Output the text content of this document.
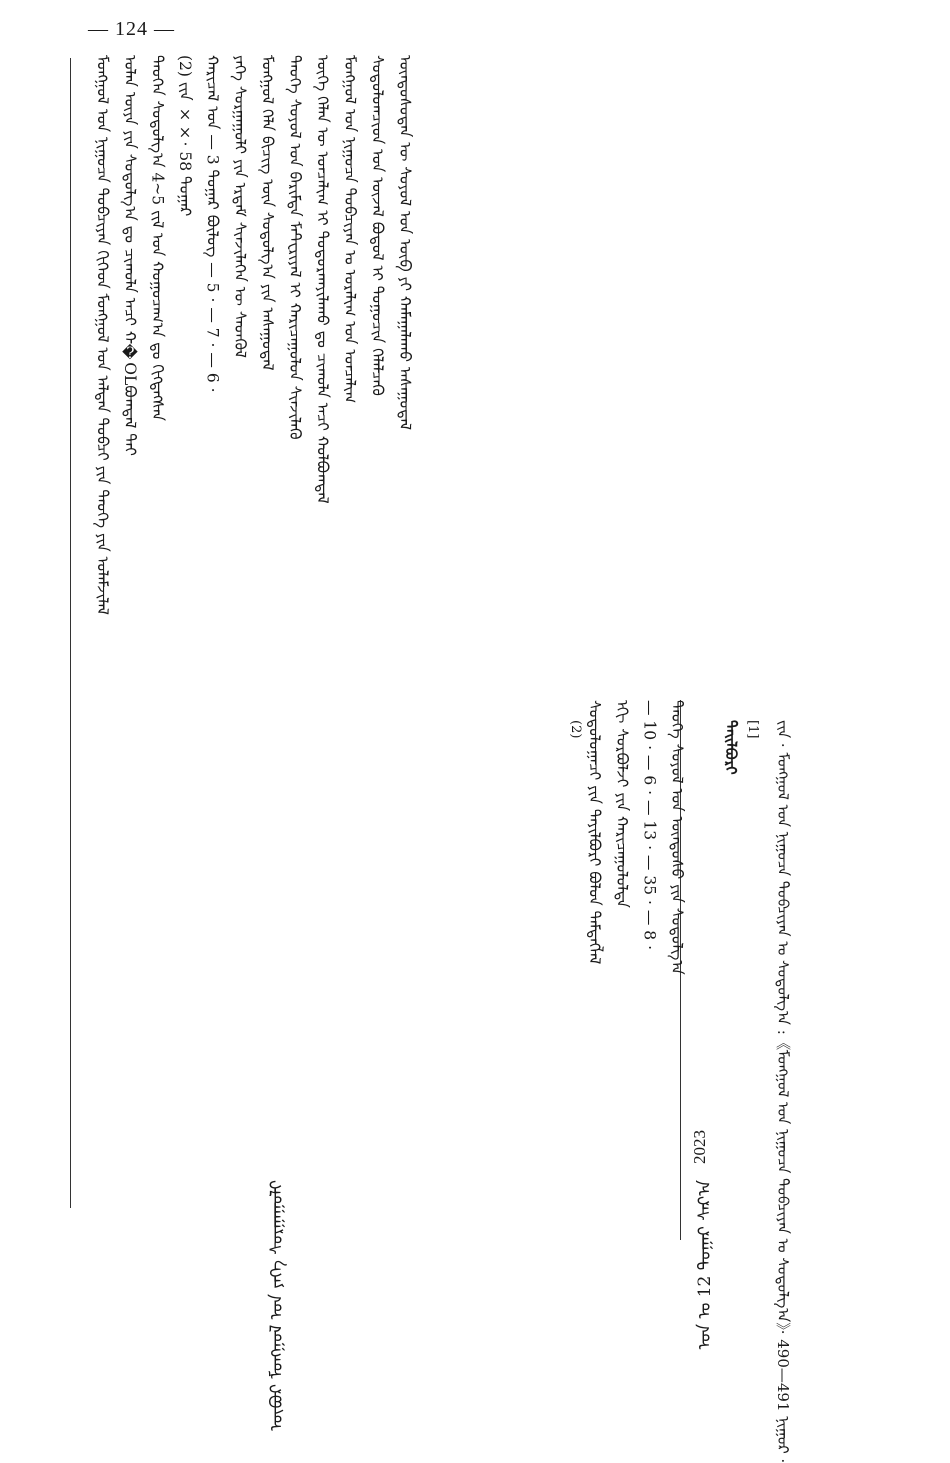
— 124 —
ᠮᠣᠩᠭᠣᠯ ᠤᠨ ᠨᠢᠭᠤᠴᠠ ᠲᠣᠪᠴᠢᠶᠠᠨ ᠬᠢᠭᠡᠳ ᠮᠣᠩᠭᠣᠯ ᠤᠨ ᠠᠯᠲᠠᠨ ᠲᠣᠪᠴᠢ ᠶᠢᠨ ᠲᠡᠦᠬᠡ ᠶᠢᠨ ᠤᠯᠠᠮᠵᠢᠯᠠᠯ
ᠣᠯᠠᠨ ᠦᠶᠡ ᠶᠢᠨ ᠰᠤᠳᠤᠯᠭ᠎ᠠ ᠳᠤ ᠴᠢᠬᠤᠯᠠ ᠠᠴᠢ ᠬ�OLᠪᠣᠭᠳᠠᠯ ᠲᠠᠢ
ᠲᠡᠦᠬᠡᠨ ᠰᠤᠳᠤᠯᠭ᠎ᠠ 4~5 ᠵᠢᠯ ᠤᠨ ᠬᠤᠭᠤᠴᠠᠭ᠎ᠠ ᠳᠤ ᠬᠢᠭᠳᠡᠭᠰᠡᠨ
(2) ᠵᠢᠨ ××· 58 ᠳᠤᠭᠠᠷ
ᠬᠠᠷᠢᠴᠠᠯ ᠤᠨ — 3 ᠳᠤᠭᠠᠷ ᠪᠦᠯᠦᠭ — 5 · — 7 · — 6 ·
ᠶᠡᠬᠡ ᠰᠤᠷᠭᠠᠭᠤᠯᠢ ᠶᠢᠨ ᠡᠷᠳᠡᠮ ᠰᠢᠨᠵᠢᠯᠡᠭᠡᠨ ᠦ ᠰᠡᠳᠬᠦᠯ
ᠮᠣᠩᠭᠣᠯ ᠬᠡᠯᠡ ᠪᠢᠴᠢᠭ ᠦᠨ ᠰᠤᠳᠤᠯᠭ᠎ᠠ ᠶᠢᠨ ᠠᠰᠠᠭᠤᠳᠠᠯ
ᠲᠡᠦᠬᠡ ᠰᠣᠶᠣᠯ ᠤᠨ ᠪᠠᠷᠢᠮᠲᠠ ᠮᠠᠲᠧᠷᠢᠶᠠᠯ ᠢ ᠬᠠᠷᠢᠴᠠᠭᠤᠯᠤᠨ ᠰᠢᠨᠵᠢᠯᠡᠬᠦ
ᠦᠭᠡ ᠬᠡᠯᠡᠨ ᠦ ᠣᠨᠴᠠᠯᠢᠭ ᠢ ᠲᠣᠳᠤᠷᠬᠠᠶᠢᠯᠠᠬᠤ ᠳᠤ ᠴᠢᠬᠤᠯᠠ ᠠᠴᠢ ᠬᠣᠯᠪᠣᠭᠳᠠᠯ
ᠮᠣᠩᠭᠣᠯ ᠤᠨ ᠨᠢᠭᠤᠴᠠ ᠲᠣᠪᠴᠢᠶᠠᠨ ᠤ ᠤᠷᠠᠯᠢᠭ ᠤᠨ ᠣᠨᠴᠠᠯᠢᠭ
ᠰᠤᠳᠤᠯᠤᠭᠴᠢᠳ ᠤᠨ ᠦᠵᠡᠯ ᠪᠣᠳᠣᠯ ᠢ ᠲᠣᠭᠤᠴᠢᠨ ᠬᠡᠯᠡᠯᠴᠡᠬᠦ
ᠦᠨᠳᠦᠰᠦᠲᠡᠨ ᠦ ᠰᠣᠶᠣᠯ ᠤᠨ ᠥᠪ ᠶᠢ ᠬᠠᠮᠠᠭᠠᠯᠠᠬᠤ ᠠᠰᠠᠭᠤᠳᠠᠯ
ᠲᠠᠢᠯᠪᠤᠷᠢ [1] ᠵᠢᠨ · ᠮᠣᠩᠭᠣᠯ ᠤᠨ ᠨᠢᠭᠤᠴᠠ ᠲᠣᠪᠴᠢᠶᠠᠨ ᠤ ᠰᠤᠳᠤᠯᠭ᠎ᠠ :《ᠮᠣᠩᠭᠣᠯ ᠤᠨ ᠨᠢᠭᠤᠴᠠ ᠲᠣᠪᠴᠢᠶᠠᠨ ᠤ ᠰᠤᠳᠤᠯᠭ᠎ᠠ》· 490—491 ᠨᠢᠭᠤᠷ ·
(2) ᠰᠤᠳᠤᠯᠤᠭᠠᠴᠢ ᠶᠢᠨ ᠲᠠᠶᠢᠯᠪᠤᠷᠢ ᠪᠣᠯᠤᠨ ᠲᠡᠮᠳᠡᠭᠯᠡᠯ
ᠡᠬᠢ ᠰᠤᠷᠪᠤᠯᠵᠢ ᠶᠢᠨ ᠬᠠᠷᠢᠴᠠᠭᠤᠯᠤᠯᠲᠠ
— 10 · — 6 · — 13 · — 35 · — 8 ·
ᠲᠡᠦᠬᠡ ᠰᠣᠶᠣᠯ ᠤᠨ ᠦᠨᠳᠦᠰᠦ ᠶᠢᠨ ᠰᠤᠳᠤᠯᠭ᠎ᠠ

ᠥᠪᠥᠷ ᠮᠣᠩᠭᠣᠯ ᠤᠨ ᠶᠡᠬᠡ ᠰᠤᠷᠭᠠᠭᠤᠯᠢ
2023
ᠣᠨ ᠤ 12 ᠳᠤᠭᠠᠷ ᠰᠠᠷ᠎ᠠ
